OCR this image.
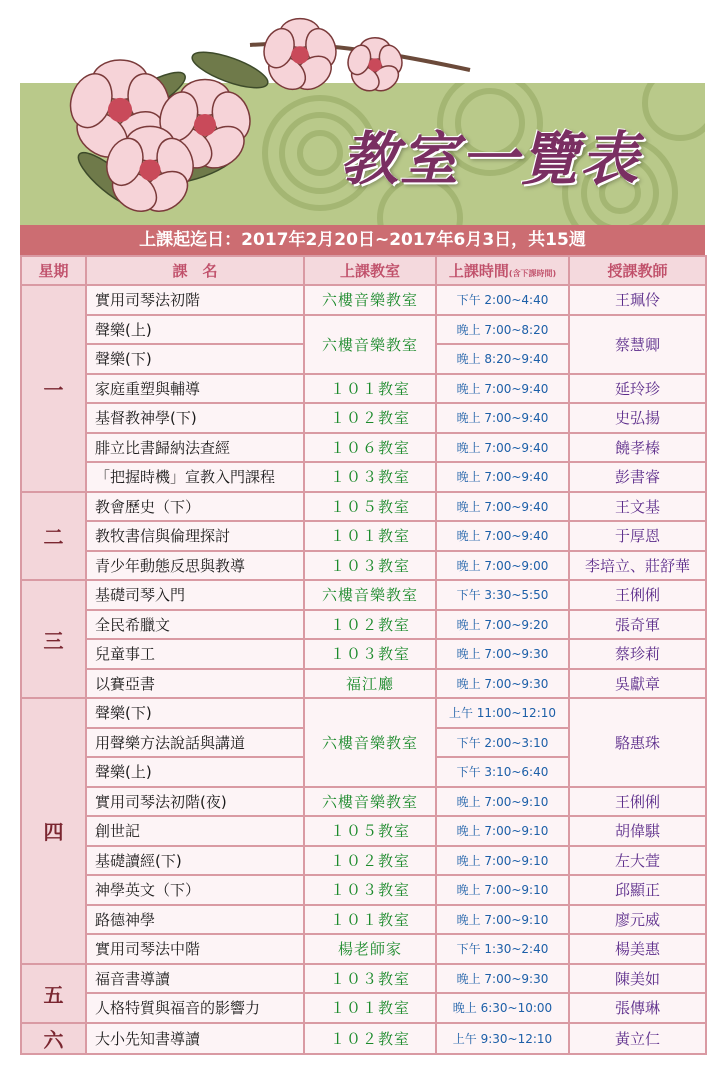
教室一覽表
上課起迄日：2017年2月20日~2017年6月3日，共15週
星期	課　名	上課教室	上課時間(含下課時間)	授課教師
一	實用司琴法初階	六樓音樂教室	下午 2:00~4:40	王珮伶
	聲樂(上)	六樓音樂教室	晚上 7:00~8:20	蔡慧卿
	聲樂(下)		晚上 8:20~9:40	
	家庭重塑與輔導	１０１教室	晚上 7:00~9:40	延玲珍
	基督教神學(下)	１０２教室	晚上 7:00~9:40	史弘揚
	腓立比書歸納法查經	１０６教室	晚上 7:00~9:40	饒孝榛
	「把握時機」宣教入門課程	１０３教室	晚上 7:00~9:40	彭書睿
二	教會歷史（下）	１０５教室	晚上 7:00~9:40	王文基
	教牧書信與倫理探討	１０１教室	晚上 7:00~9:40	于厚恩
	青少年動態反思與教導	１０３教室	晚上 7:00~9:00	李培立、莊舒華
三	基礎司琴入門	六樓音樂教室	下午 3:30~5:50	王俐俐
	全民希臘文	１０２教室	晚上 7:00~9:20	張奇軍
	兒童事工	１０３教室	晚上 7:00~9:30	蔡珍莉
	以賽亞書	福江廳	晚上 7:00~9:30	吳獻章
四	聲樂(下)	六樓音樂教室	上午 11:00~12:10	駱惠珠
	用聲樂方法說話與講道		下午 2:00~3:10	
	聲樂(上)		下午 3:10~6:40	
	實用司琴法初階(夜)	六樓音樂教室	晚上 7:00~9:10	王俐俐
	創世記	１０５教室	晚上 7:00~9:10	胡偉騏
	基礎讀經(下)	１０２教室	晚上 7:00~9:10	左大萱
	神學英文（下）	１０３教室	晚上 7:00~9:10	邱顯正
	路德神學	１０１教室	晚上 7:00~9:10	廖元威
	實用司琴法中階	楊老師家	下午 1:30~2:40	楊美惠
五	福音書導讀	１０３教室	晚上 7:00~9:30	陳美如
	人格特質與福音的影響力	１０１教室	晚上 6:30~10:00	張傳琳
六	大小先知書導讀	１０２教室	上午 9:30~12:10	黃立仁
